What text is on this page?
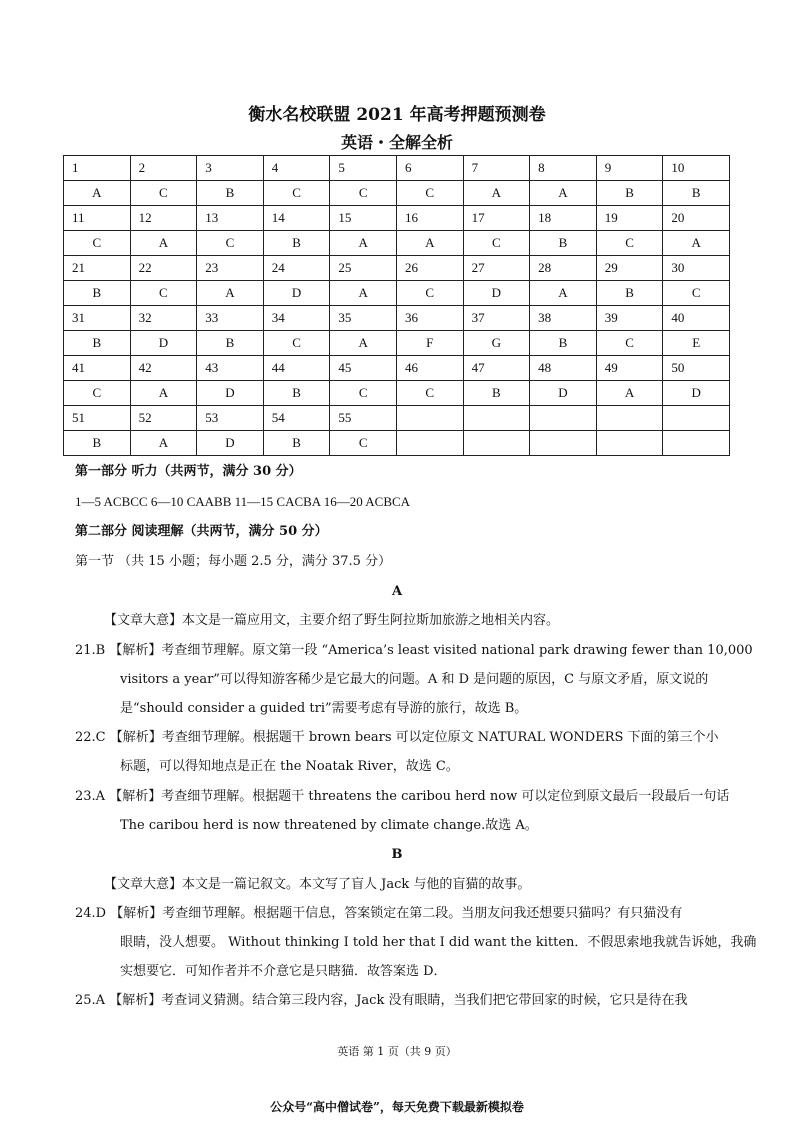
衡水名校联盟 2021 年高考押题预测卷
英语・全解全析
1	2	3	4	5	6	7	8	9	10
A	C	B	C	C	C	A	A	B	B
11	12	13	14	15	16	17	18	19	20
C	A	C	B	A	A	C	B	C	A
21	22	23	24	25	26	27	28	29	30
B	C	A	D	A	C	D	A	B	C
31	32	33	34	35	36	37	38	39	40
B	D	B	C	A	F	G	B	C	E
41	42	43	44	45	46	47	48	49	50
C	A	D	B	C	C	B	D	A	D
51	52	53	54	55					
B	A	D	B	C					
第一部分 听力（共两节，满分 30 分）
1—5 ACBCC 6—10 CAABB 11—15 CACBA 16—20 ACBCA
第二部分 阅读理解（共两节，满分 50 分）
第一节 （共 15 小题；每小题 2.5 分，满分 37.5 分）
A
【文章大意】本文是一篇应用文，主要介绍了野生阿拉斯加旅游之地相关内容。
21.B 【解析】考查细节理解。原文第一段 “America’s least visited national park drawing fewer than 10,000
visitors a year”可以得知游客稀少是它最大的问题。A 和 D 是问题的原因，C 与原文矛盾，原文说的
是“should consider a guided tri”需要考虑有导游的旅行，故选 B。
22.C 【解析】考查细节理解。根据题干 brown bears 可以定位原文 NATURAL WONDERS 下面的第三个小
标题，可以得知地点是正在 the Noatak River，故选 C。
23.A 【解析】考查细节理解。根据题干 threatens the caribou herd now 可以定位到原文最后一段最后一句话
The caribou herd is now threatened by climate change.故选 A。
B
【文章大意】本文是一篇记叙文。本文写了盲人 Jack 与他的盲猫的故事。
24.D 【解析】考查细节理解。根据题干信息，答案锁定在第二段。当朋友问我还想要只猫吗？有只猫没有
眼睛，没人想要。 Without thinking I told her that I did want the kitten．不假思索地我就告诉她，我确
实想要它．可知作者并不介意它是只瞎猫．故答案选 D．
25.A 【解析】考查词义猜测。结合第三段内容，Jack 没有眼睛，当我们把它带回家的时候，它只是待在我
英语 第 1 页（共 9 页）
公众号“高中僧试卷”，每天免费下载最新模拟卷
